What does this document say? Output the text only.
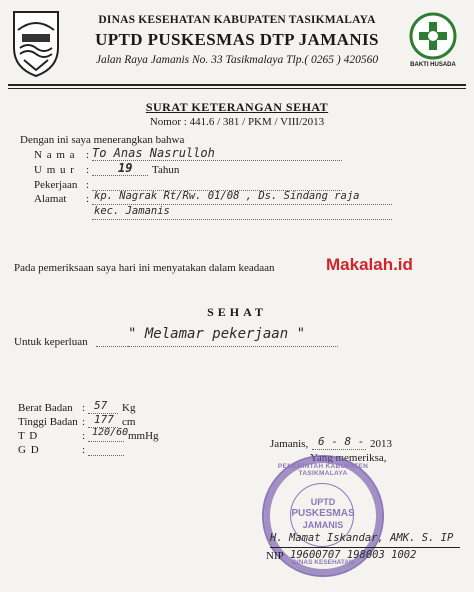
BAKTI HUSADA
DINAS KESEHATAN KABUPATEN TASIKMALAYA
UPTD PUSKESMAS DTP JAMANIS
Jalan Raya Jamanis No. 33 Tasikmalaya Tlp.( 0265 ) 420560
SURAT KETERANGAN SEHAT
Nomor : 441.6 / 381 / PKM / VIII/2013
Dengan ini saya menerangkan bahwa
N a m a : To Anas Nasrulloh
U m u r : 19 Tahun
Pekerjaan :
Alamat : kp. Nagrak Rt/Rw. 01/08 , Ds. Sindang raja
kec. Jamanis
Pada pemeriksaan saya hari ini menyatakan dalam keadaan	Makalah.id
SEHAT
Untuk keperluan	" Melamar pekerjaan "
Berat Badan : 57 Kg
Tinggi Badan : 177 cm
T D	: 120/60 mmHg
G D	:	Jamanis, 6 - 8 - 2013
Yang memeriksa,
PEMERINTAH KABUPATEN TASIKMALAYA
UPTD
PUSKESMAS
JAMANIS
DINAS KESEHATAN
H. Mamat Iskandar, AMK. S. IP
NIP 19600707 198003 1002
